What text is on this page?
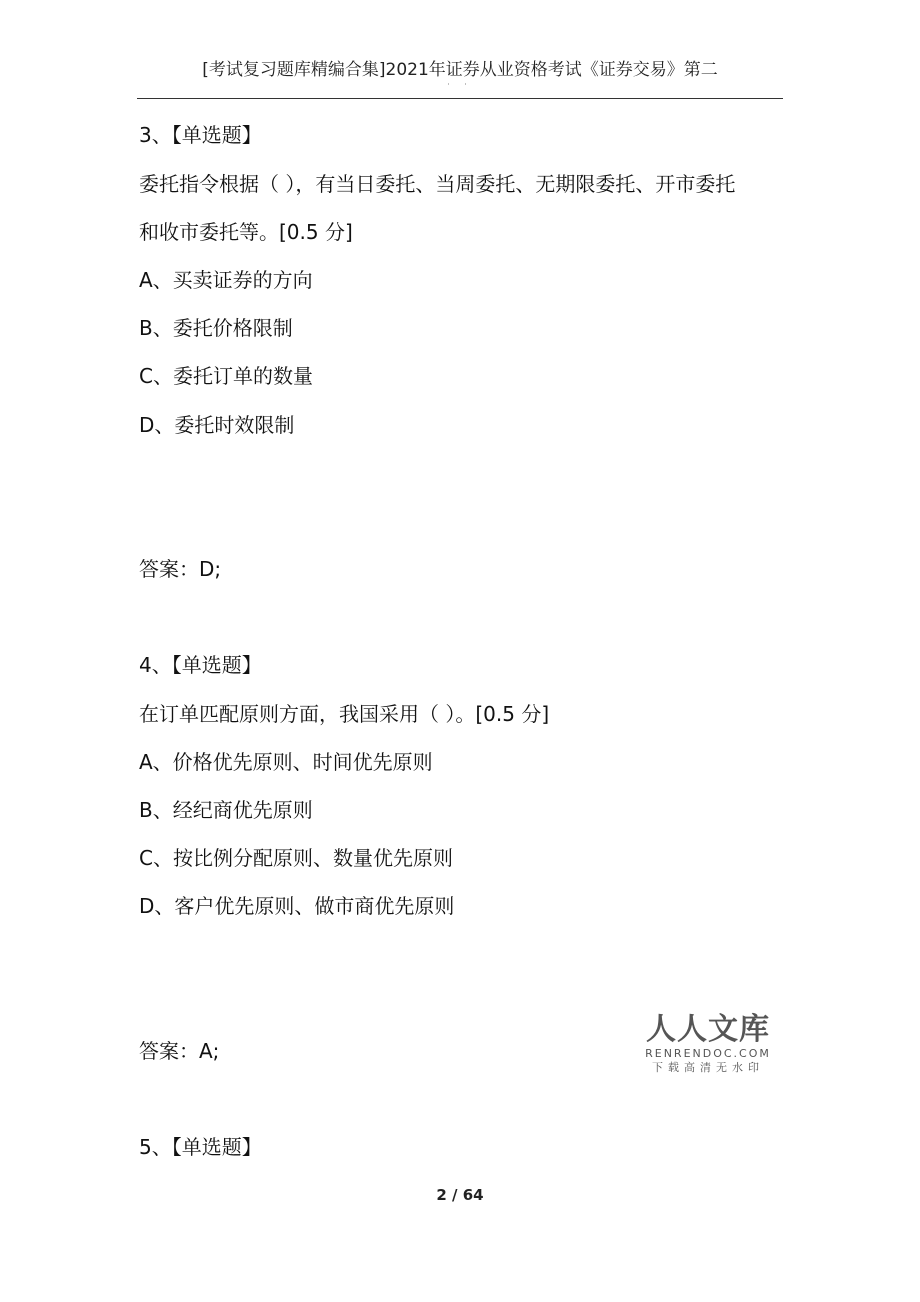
[考试复习题库精编合集]2021年证券从业资格考试《证券交易》第二
· ·
3、【单选题】
委托指令根据（ ），有当日委托、当周委托、无期限委托、开市委托
和收市委托等。[0.5 分]
A、买卖证券的方向
B、委托价格限制
C、委托订单的数量
D、委托时效限制
答案：D;
4、【单选题】
在订单匹配原则方面，我国采用（ ）。[0.5 分]
A、价格优先原则、时间优先原则
B、经纪商优先原则
C、按比例分配原则、数量优先原则
D、客户优先原则、做市商优先原则
答案：A;
5、【单选题】
人人文库
RENRENDOC.COM
下载高清无水印
2 / 64
